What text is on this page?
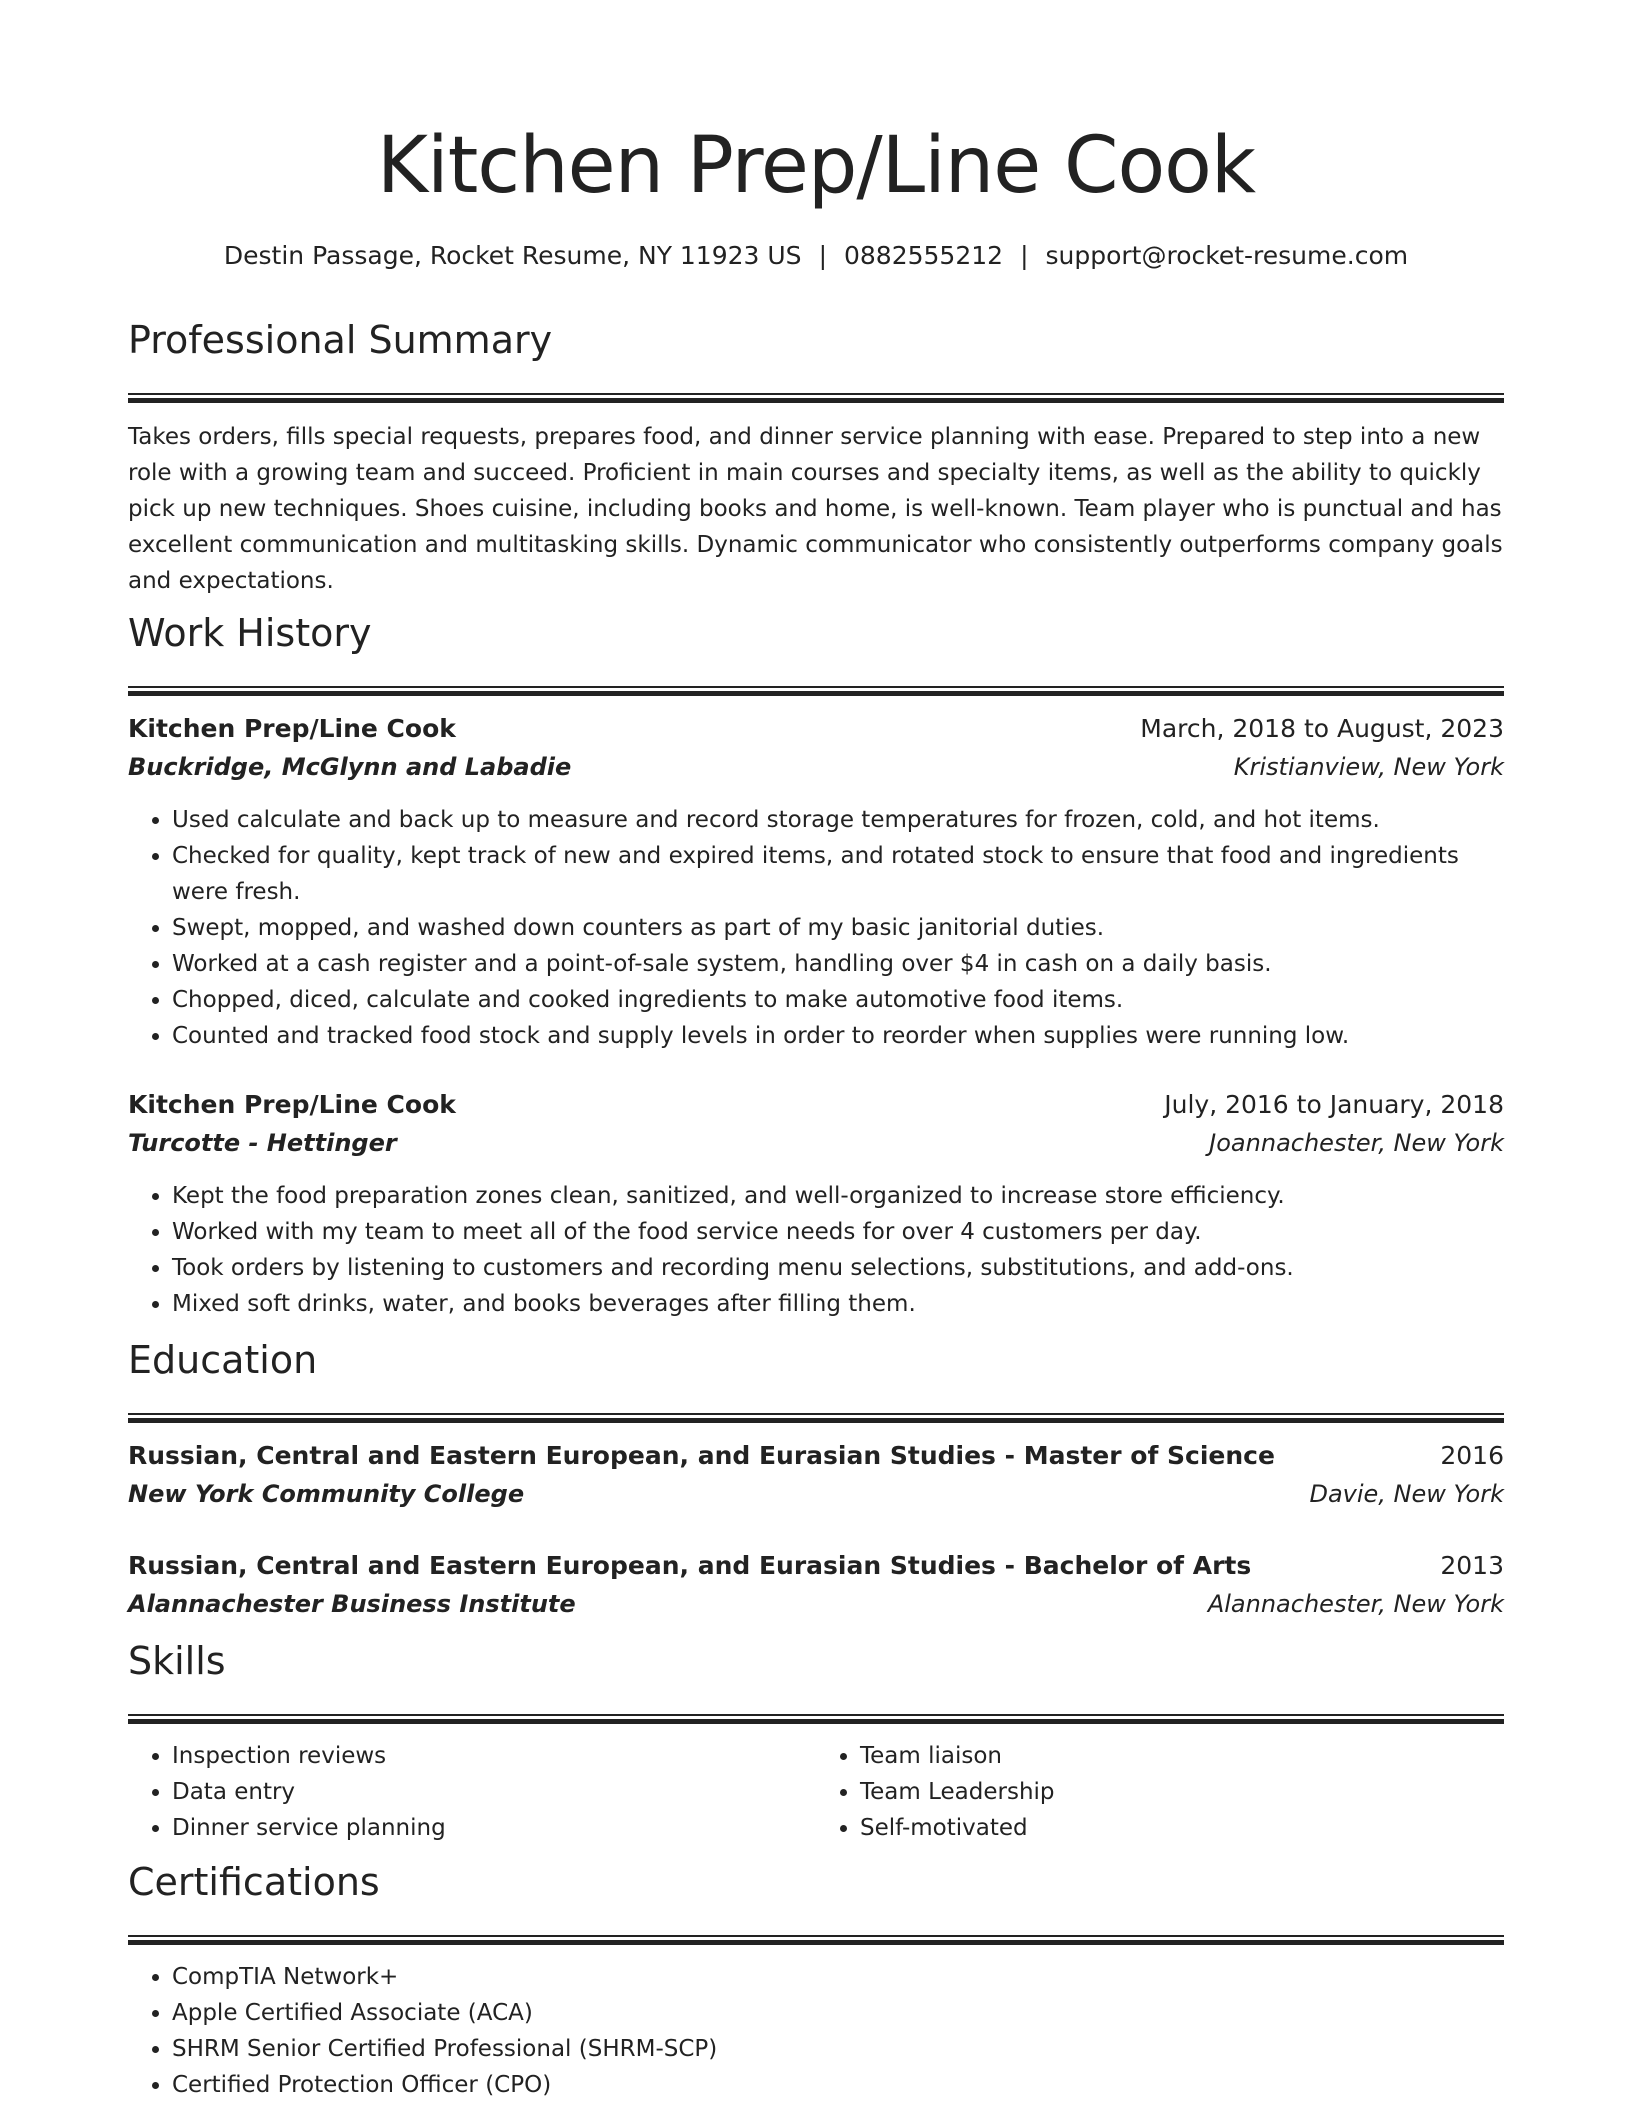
Kitchen Prep/Line Cook
Destin Passage, Rocket Resume, NY 11923 US | 0882555212 | support@rocket-resume.com
Professional Summary

Takes orders, fills special requests, prepares food, and dinner service planning with ease. Prepared to step into a new role with a growing team and succeed. Proficient in main courses and specialty items, as well as the ability to quickly pick up new techniques. Shoes cuisine, including books and home, is well-known. Team player who is punctual and has excellent communication and multitasking skills. Dynamic communicator who consistently outperforms company goals and expectations.

Work History
Kitchen Prep/Line Cook	March, 2018 to August, 2023
Buckridge, McGlynn and Labadie	Kristianview, New York
• Used calculate and back up to measure and record storage temperatures for frozen, cold, and hot items.
• Checked for quality, kept track of new and expired items, and rotated stock to ensure that food and ingredients were fresh.
• Swept, mopped, and washed down counters as part of my basic janitorial duties.
• Worked at a cash register and a point-of-sale system, handling over $4 in cash on a daily basis.
• Chopped, diced, calculate and cooked ingredients to make automotive food items.
• Counted and tracked food stock and supply levels in order to reorder when supplies were running low.
Kitchen Prep/Line Cook	July, 2016 to January, 2018
Turcotte - Hettinger	Joannachester, New York
• Kept the food preparation zones clean, sanitized, and well-organized to increase store efficiency.
• Worked with my team to meet all of the food service needs for over 4 customers per day.
• Took orders by listening to customers and recording menu selections, substitutions, and add-ons.
• Mixed soft drinks, water, and books beverages after filling them.
Education
Russian, Central and Eastern European, and Eurasian Studies - Master of Science	2016
New York Community College	Davie, New York
Russian, Central and Eastern European, and Eurasian Studies - Bachelor of Arts	2013
Alannachester Business Institute	Alannachester, New York
Skills
• Inspection reviews
• Data entry
• Dinner service planning
• Team liaison
• Team Leadership
• Self-motivated
Certifications
• CompTIA Network+
• Apple Certified Associate (ACA)
• SHRM Senior Certified Professional (SHRM-SCP)
• Certified Protection Officer (CPO)
